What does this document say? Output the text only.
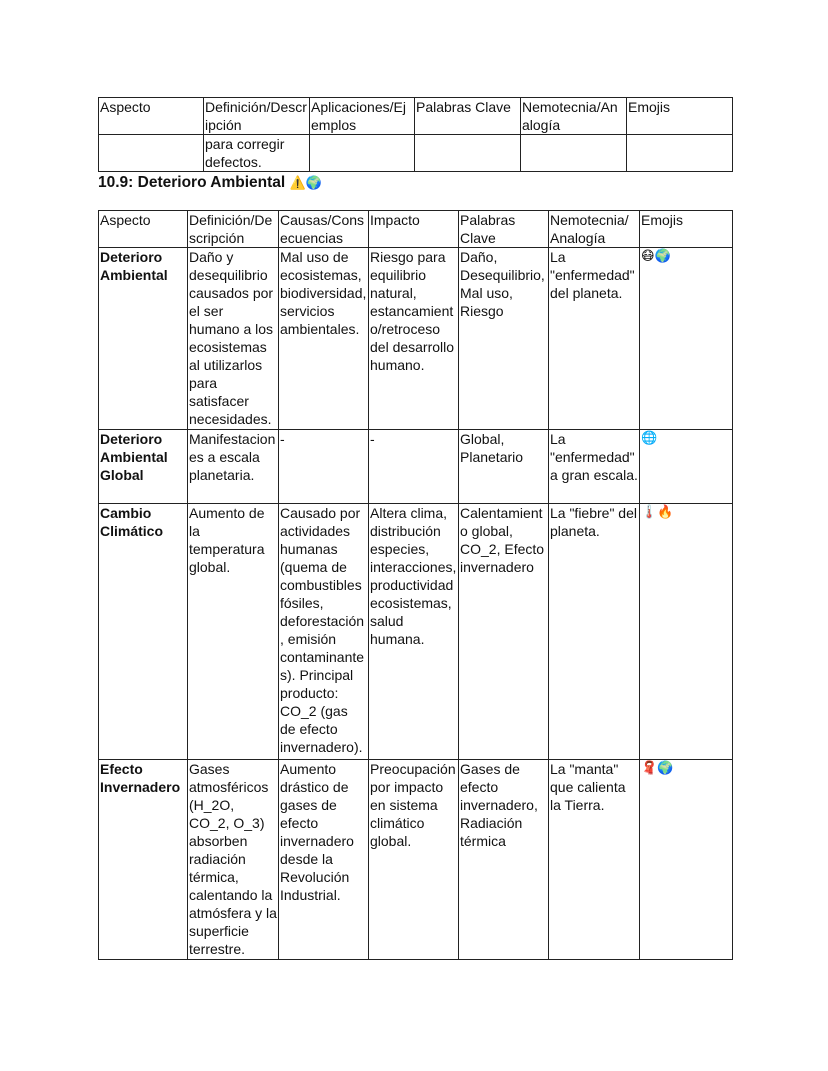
Aspecto	Definición/Descripción	Aplicaciones/Ejemplos	Palabras Clave	Nemotecnia/Analogía	Emojis
	para corregir defectos.				
10.9: Deterioro Ambiental ⚠️🌍
Aspecto	Definición/Descripción	Causas/Consecuencias	Impacto	Palabras Clave	Nemotecnia/ Analogía	Emojis
Deterioro Ambiental	Daño y desequilibrio causados por el ser humano a los ecosistemas al utilizarlos para satisfacer necesidades.	Mal uso de ecosistemas, biodiversidad, servicios ambientales.	Riesgo para equilibrio natural, estancamiento/retroceso del desarrollo humano.	Daño, Desequilibrio, Mal uso, Riesgo	La "enfermedad" del planeta.	😷🌍
Deterioro Ambiental Global	Manifestaciones a escala planetaria.	-	-	Global, Planetario	La "enfermedad" a gran escala.	🌐
Cambio Climático	Aumento de la temperatura global.	Causado por actividades humanas (quema de combustibles fósiles, deforestación, emisión contaminantes). Principal producto: CO_2 (gas de efecto invernadero).	Altera clima, distribución especies, interacciones, productividad ecosistemas, salud humana.	Calentamiento global, CO_2, Efecto invernadero	La "fiebre" del planeta.	🌡️🔥
Efecto Invernadero	Gases atmosféricos (H_2O, CO_2, O_3) absorben radiación térmica, calentando la atmósfera y la superficie terrestre.	Aumento drástico de gases de efecto invernadero desde la Revolución Industrial.	Preocupación por impacto en sistema climático global.	Gases de efecto invernadero, Radiación térmica	La "manta" que calienta la Tierra.	🧣🌍
